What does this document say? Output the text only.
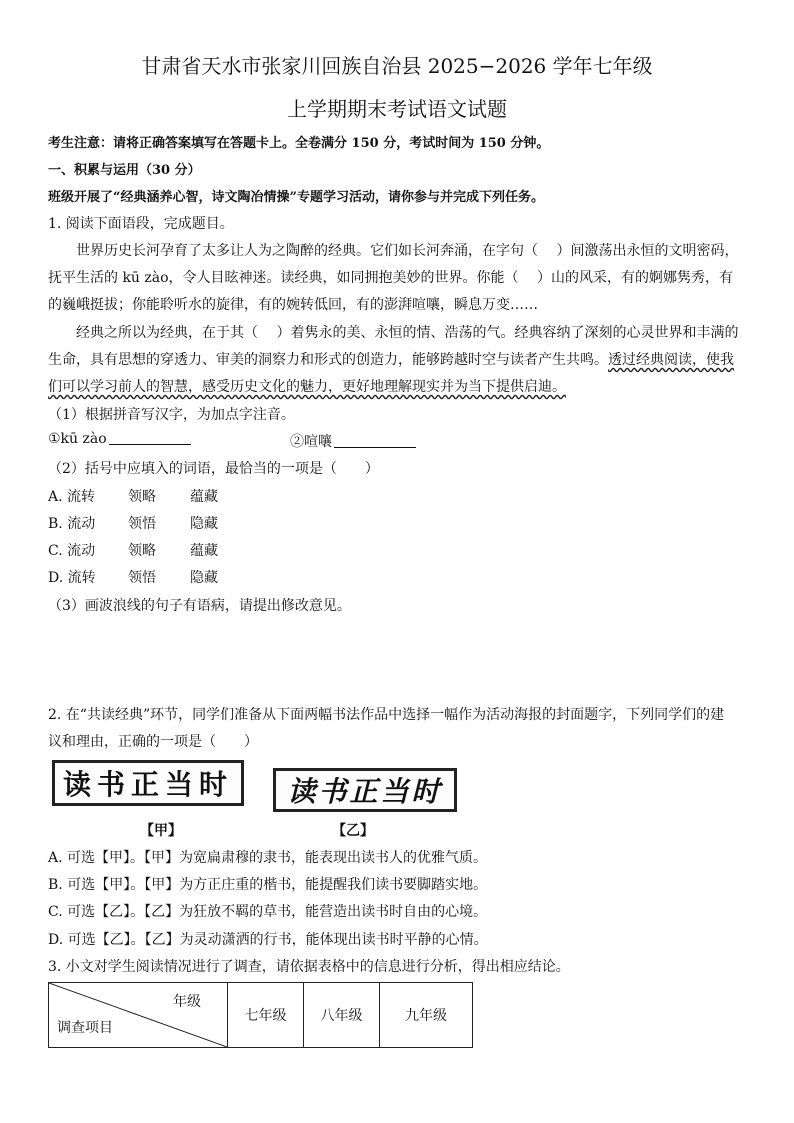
甘肃省天水市张家川回族自治县 2025−2026 学年七年级
上学期期末考试语文试题
考生注意：请将正确答案填写在答题卡上。全卷满分 150 分，考试时间为 150 分钟。
一、积累与运用（30 分）
班级开展了“经典涵养心智，诗文陶冶情操”专题学习活动，请你参与并完成下列任务。
1. 阅读下面语段，完成题目。
世界历史长河孕育了太多让人为之陶醉的经典。它们如长河奔涌，在字句（　 ）间激荡出永恒的文明密码，
抚平生活的 kū zào，令人目眩神迷。读经典，如同拥抱美妙的世界。你能（　 ）山的风采，有的婀娜隽秀，有
的巍峨挺拔；你能聆听水的旋律，有的婉转低回，有的澎湃喧嚷，瞬息万变……
经典之所以为经典，在于其（　 ）着隽永的美、永恒的情、浩荡的气。经典容纳了深刻的心灵世界和丰满的
生命，具有思想的穿透力、审美的洞察力和形式的创造力，能够跨越时空与读者产生共鸣。透过经典阅读，使我
们可以学习前人的智慧，感受历史文化的魅力，更好地理解现实并为当下提供启迪。
（1）根据拼音写汉字，为加点字注音。
①kū zào	②喧嚷
（2）括号中应填入的词语，最恰当的一项是（　　）
A. 流转 领略 蕴藏
B. 流动 领悟 隐藏
C. 流动 领略 蕴藏
D. 流转 领悟 隐藏
（3）画波浪线的句子有语病，请提出修改意见。
2. 在“共读经典”环节，同学们准备从下面两幅书法作品中选择一幅作为活动海报的封面题字，下列同学们的建
议和理由，正确的一项是（　　）
读书正当时	读书正当时
【甲】	【乙】
A. 可选【甲】。【甲】为宽扁肃穆的隶书，能表现出读书人的优雅气质。
B. 可选【甲】。【甲】为方正庄重的楷书，能提醒我们读书要脚踏实地。
C. 可选【乙】。【乙】为狂放不羁的草书，能营造出读书时自由的心境。
D. 可选【乙】。【乙】为灵动潇洒的行书，能体现出读书时平静的心情。
3. 小文对学生阅读情况进行了调查，请依据表格中的信息进行分析，得出相应结论。
年级
调查项目
	七年级	八年级	九年级
